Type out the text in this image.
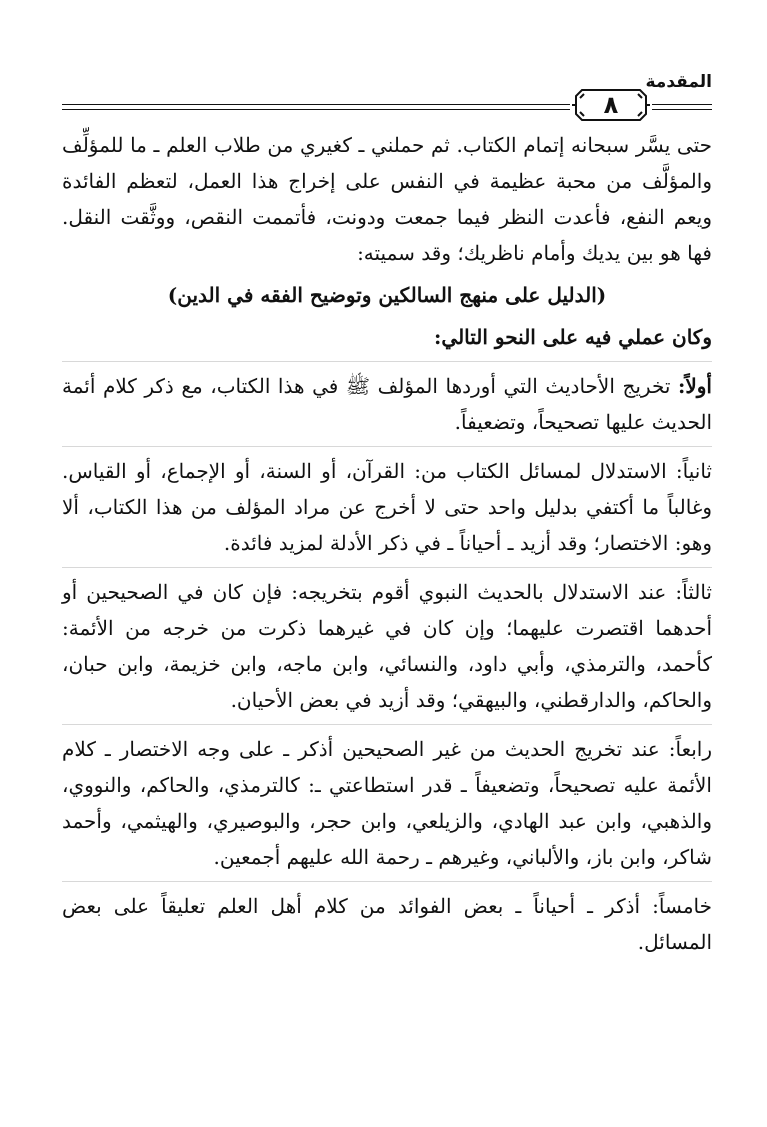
المقدمة
٨

حتى يسَّر سبحانه إتمام الكتاب. ثم حملني ـ كغيري من طلاب العلم ـ ما للمؤلِّف والمؤلَّف من محبة عظيمة في النفس على إخراج هذا العمل، لتعظم الفائدة ويعم النفع، فأعدت النظر فيما جمعت ودونت، فأتممت النقص، ووثَّقت النقل. فها هو بين يديك وأمام ناظريك؛ وقد سميته:

(الدليل على منهج السالكين وتوضيح الفقه في الدين)

وكان عملي فيه على النحو التالي:

أولاً: تخريج الأحاديث التي أوردها المؤلف ﷺ في هذا الكتاب، مع ذكر كلام أئمة الحديث عليها تصحيحاً، وتضعيفاً.

ثانياً: الاستدلال لمسائل الكتاب من: القرآن، أو السنة، أو الإجماع، أو القياس. وغالباً ما أكتفي بدليل واحد حتى لا أخرج عن مراد المؤلف من هذا الكتاب، ألا وهو: الاختصار؛ وقد أزيد ـ أحياناً ـ في ذكر الأدلة لمزيد فائدة.

ثالثاً: عند الاستدلال بالحديث النبوي أقوم بتخريجه: فإن كان في الصحيحين أو أحدهما اقتصرت عليهما؛ وإن كان في غيرهما ذكرت من خرجه من الأئمة: كأحمد، والترمذي، وأبي داود، والنسائي، وابن ماجه، وابن خزيمة، وابن حبان، والحاكم، والدارقطني، والبيهقي؛ وقد أزيد في بعض الأحيان.

رابعاً: عند تخريج الحديث من غير الصحيحين أذكر ـ على وجه الاختصار ـ كلام الأئمة عليه تصحيحاً، وتضعيفاً ـ قدر استطاعتي ـ: كالترمذي، والحاكم، والنووي، والذهبي، وابن عبد الهادي، والزيلعي، وابن حجر، والبوصيري، والهيثمي، وأحمد شاكر، وابن باز، والألباني، وغيرهم ـ رحمة الله عليهم أجمعين.

خامساً: أذكر ـ أحياناً ـ بعض الفوائد من كلام أهل العلم تعليقاً على بعض المسائل.
